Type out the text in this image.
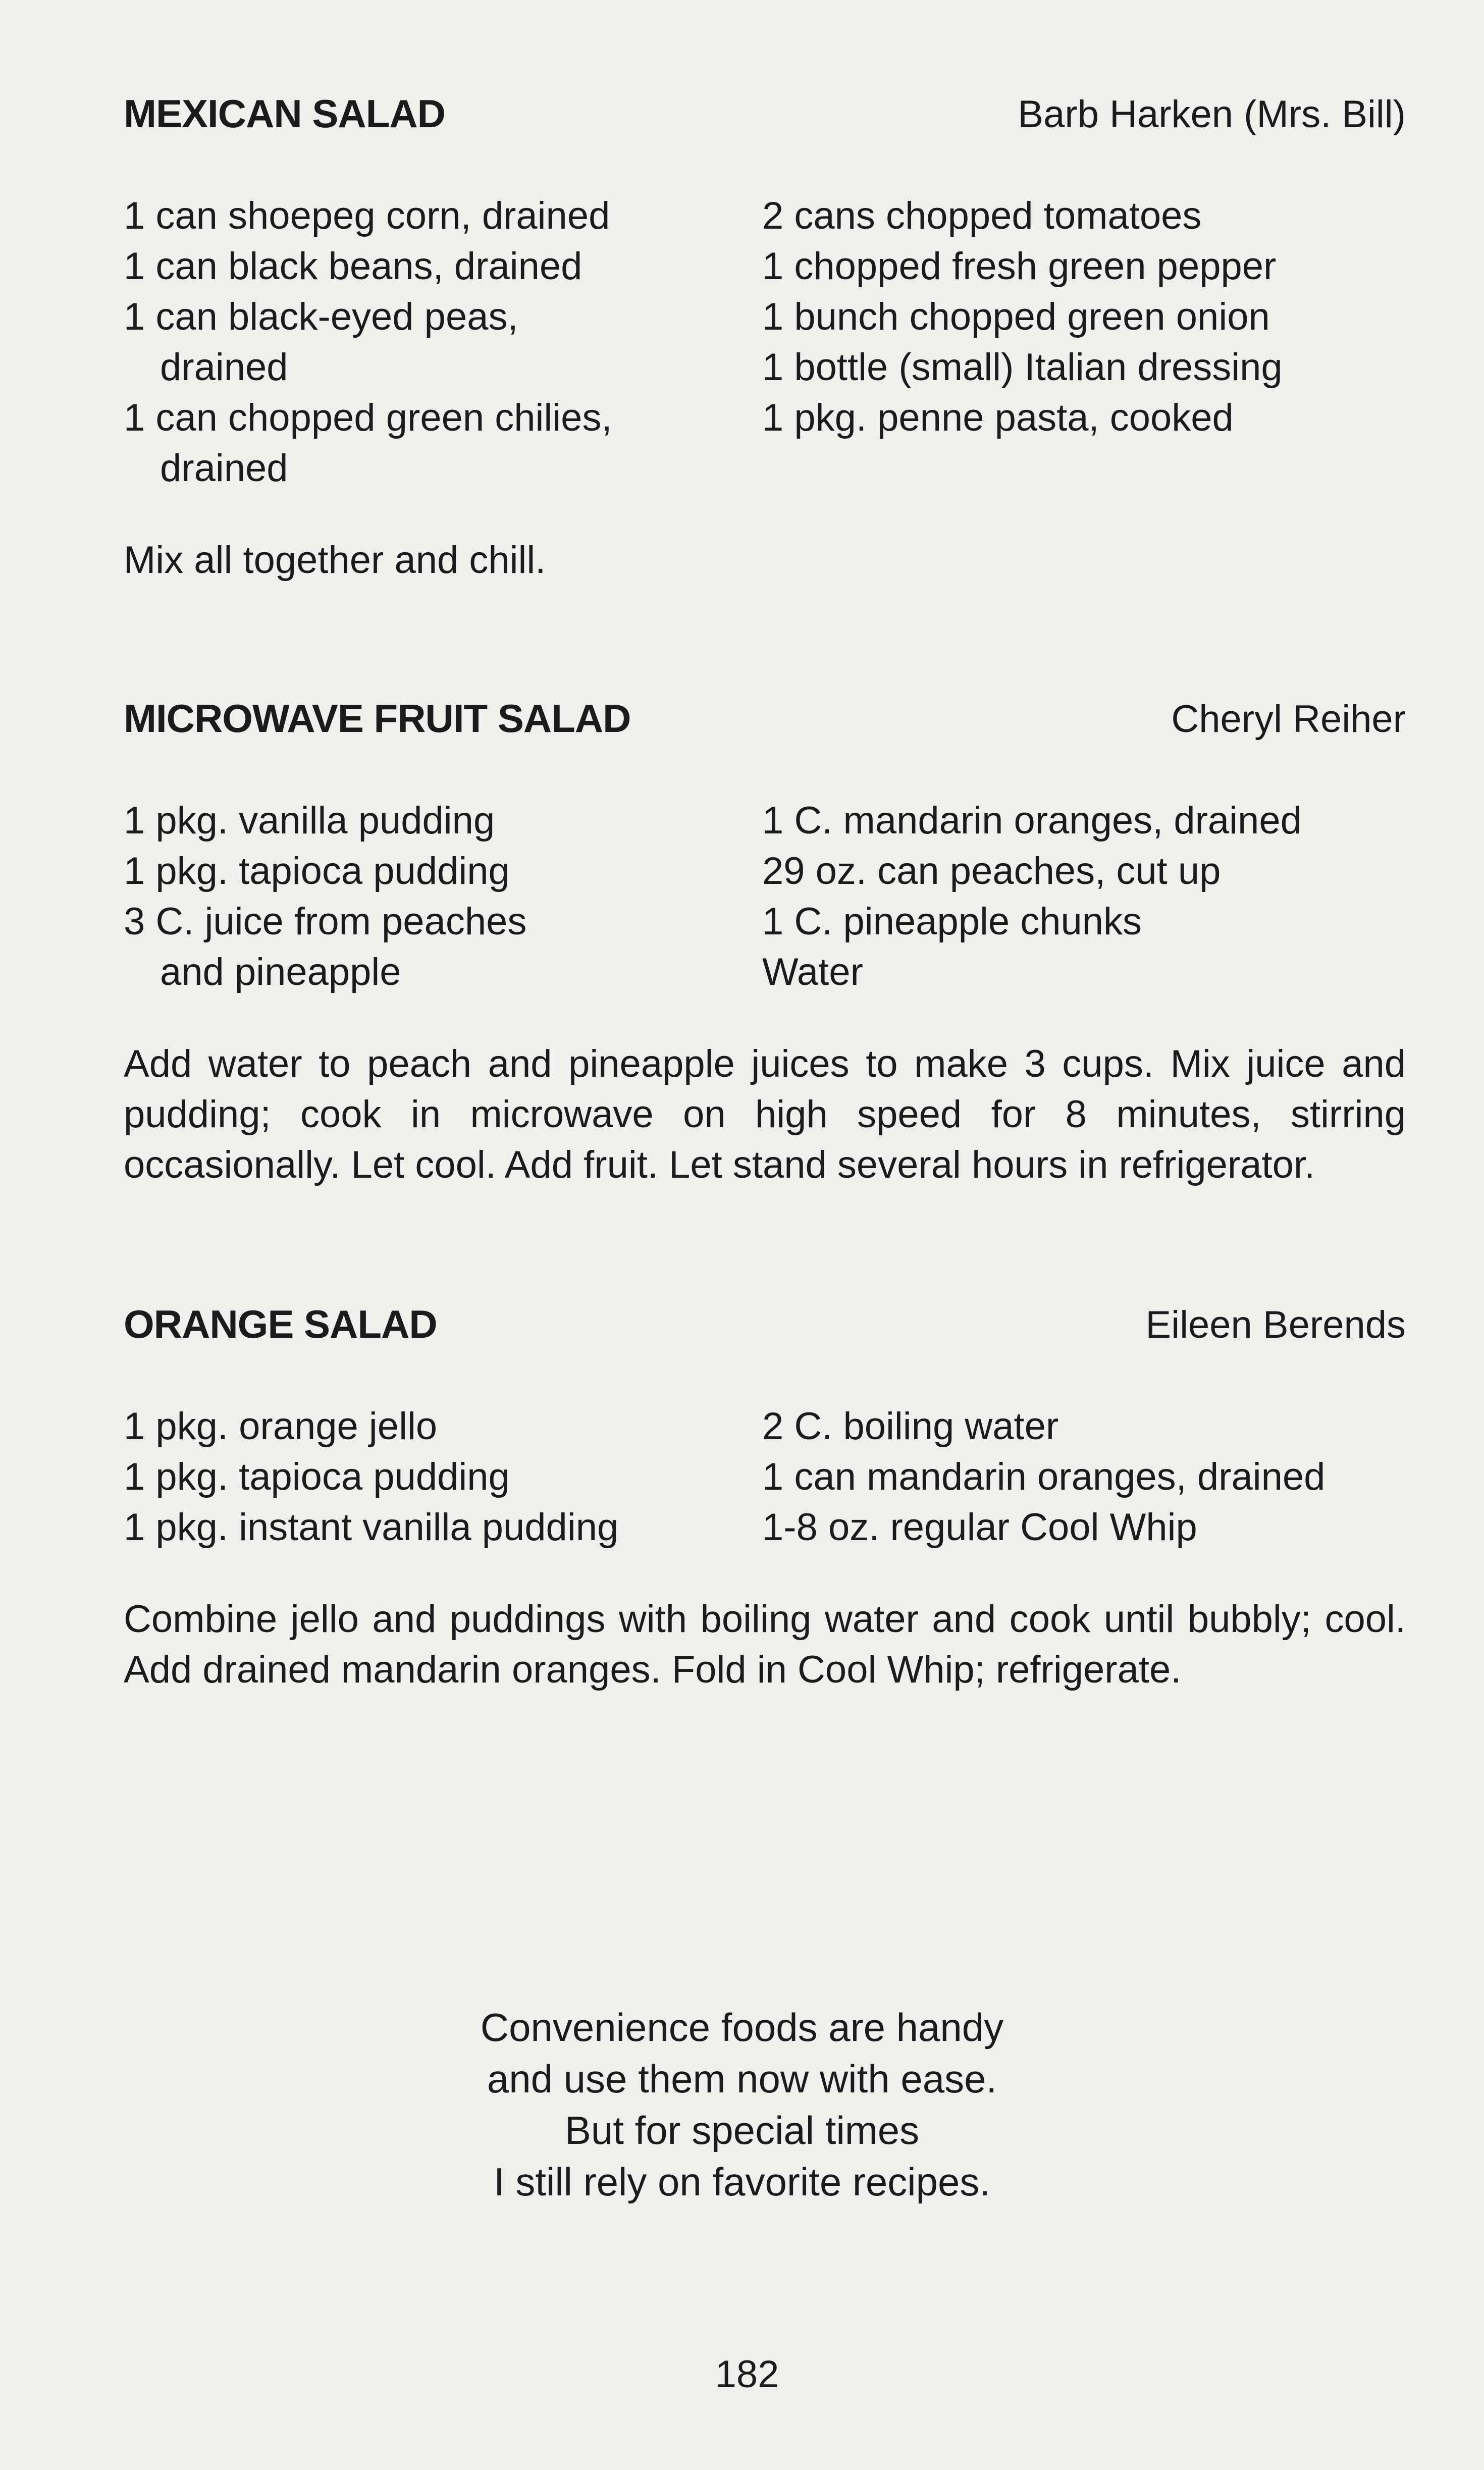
MEXICAN SALAD	Barb Harken (Mrs. Bill)
1 can shoepeg corn, drained
1 can black beans, drained
1 can black-eyed peas,
drained
1 can chopped green chilies,
drained
2 cans chopped tomatoes
1 chopped fresh green pepper
1 bunch chopped green onion
1 bottle (small) Italian dressing
1 pkg. penne pasta, cooked

Mix all together and chill.

MICROWAVE FRUIT SALAD	Cheryl Reiher
1 pkg. vanilla pudding
1 pkg. tapioca pudding
3 C. juice from peaches
and pineapple
1 C. mandarin oranges, drained
29 oz. can peaches, cut up
1 C. pineapple chunks
Water

Add water to peach and pineapple juices to make 3 cups. Mix juice and pudding; cook in microwave on high speed for 8 minutes, stirring occasionally. Let cool. Add fruit. Let stand several hours in refrigerator.

ORANGE SALAD	Eileen Berends
1 pkg. orange jello
1 pkg. tapioca pudding
1 pkg. instant vanilla pudding
2 C. boiling water
1 can mandarin oranges, drained
1-8 oz. regular Cool Whip

Combine jello and puddings with boiling water and cook until bubbly; cool. Add drained mandarin oranges. Fold in Cool Whip; refrigerate.

Convenience foods are handy
and use them now with ease.
But for special times
I still rely on favorite recipes.
182
